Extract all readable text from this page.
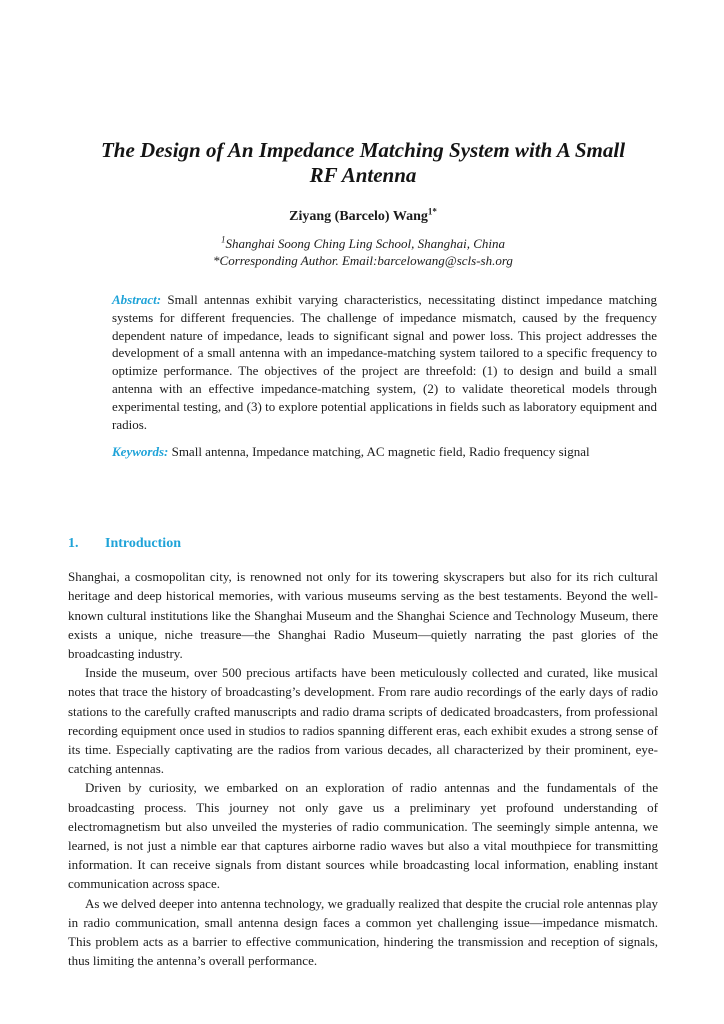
The Design of An Impedance Matching System with A Small
RF Antenna
Ziyang (Barcelo) Wang$^{1*}$
$^1$Shanghai Soong Ching Ling School, Shanghai, China
*Corresponding Author. Email:barcelowang@scls-sh.org

Abstract: Small antennas exhibit varying characteristics, necessitating distinct impedance matching systems for different frequencies. The challenge of impedance mismatch, caused by the frequency dependent nature of impedance, leads to significant signal and power loss. This project addresses the development of a small antenna with an impedance-matching system tailored to a specific frequency to optimize performance. The objectives of the project are threefold: (1) to design and build a small antenna with an effective impedance-matching system, (2) to validate theoretical models through experimental testing, and (3) to explore potential applications in fields such as laboratory equipment and radios.

Keywords: Small antenna, Impedance matching, AC magnetic field, Radio frequency signal

1. Introduction

Shanghai, a cosmopolitan city, is renowned not only for its towering skyscrapers but also for its rich cultural heritage and deep historical memories, with various museums serving as the best testaments. Beyond the well-known cultural institutions like the Shanghai Museum and the Shanghai Science and Technology Museum, there exists a unique, niche treasure—the Shanghai Radio Museum—quietly narrating the past glories of the broadcasting industry.

Inside the museum, over 500 precious artifacts have been meticulously collected and curated, like musical notes that trace the history of broadcasting’s development. From rare audio recordings of the early days of radio stations to the carefully crafted manuscripts and radio drama scripts of dedicated broadcasters, from professional recording equipment once used in studios to radios spanning different eras, each exhibit exudes a strong sense of its time. Especially captivating are the radios from various decades, all characterized by their prominent, eye-catching antennas.

Driven by curiosity, we embarked on an exploration of radio antennas and the fundamentals of the broadcasting process. This journey not only gave us a preliminary yet profound understanding of electromagnetism but also unveiled the mysteries of radio communication. The seemingly simple antenna, we learned, is not just a nimble ear that captures airborne radio waves but also a vital mouthpiece for transmitting information. It can receive signals from distant sources while broadcasting local information, enabling instant communication across space.

As we delved deeper into antenna technology, we gradually realized that despite the crucial role antennas play in radio communication, small antenna design faces a common yet challenging issue—impedance mismatch. This problem acts as a barrier to effective communication, hindering the transmission and reception of signals, thus limiting the antenna’s overall performance.
